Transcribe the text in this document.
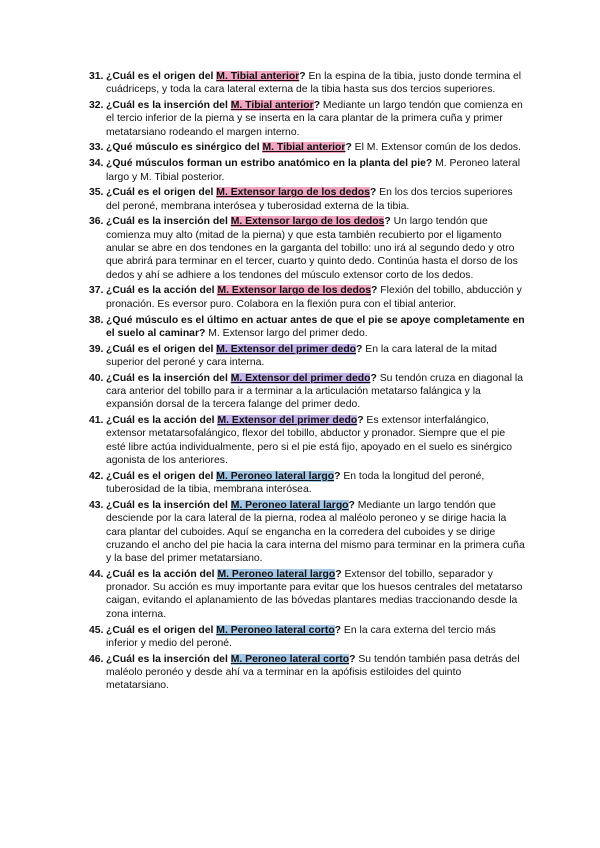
31. ¿Cuál es el origen del M. Tibial anterior? En la espina de la tibia, justo donde termina el cuádriceps, y toda la cara lateral externa de la tibia hasta sus dos tercios superiores.
32. ¿Cuál es la inserción del M. Tibial anterior? Mediante un largo tendón que comienza en el tercio inferior de la pierna y se inserta en la cara plantar de la primera cuña y primer metatarsiano rodeando el margen interno.
33. ¿Qué músculo es sinérgico del M. Tibial anterior? El M. Extensor común de los dedos.
34. ¿Qué músculos forman un estribo anatómico en la planta del pie? M. Peroneo lateral largo y M. Tibial posterior.
35. ¿Cuál es el origen del M. Extensor largo de los dedos? En los dos tercios superiores del peroné, membrana interósea y tuberosidad externa de la tibia.
36. ¿Cuál es la inserción del M. Extensor largo de los dedos? Un largo tendón que comienza muy alto (mitad de la pierna) y que esta también recubierto por el ligamento anular se abre en dos tendones en la garganta del tobillo: uno irá al segundo dedo y otro que abrirá para terminar en el tercer, cuarto y quinto dedo. Continúa hasta el dorso de los dedos y ahí se adhiere a los tendones del músculo extensor corto de los dedos.
37. ¿Cuál es la acción del M. Extensor largo de los dedos? Flexión del tobillo, abducción y pronación. Es eversor puro. Colabora en la flexión pura con el tibial anterior.
38. ¿Qué músculo es el último en actuar antes de que el pie se apoye completamente en el suelo al caminar? M. Extensor largo del primer dedo.
39. ¿Cuál es el origen del M. Extensor del primer dedo? En la cara lateral de la mitad superior del peroné y cara interna.
40. ¿Cuál es la inserción del M. Extensor del primer dedo? Su tendón cruza en diagonal la cara anterior del tobillo para ir a terminar a la articulación metatarso falángica y la expansión dorsal de la tercera falange del primer dedo.
41. ¿Cuál es la acción del M. Extensor del primer dedo? Es extensor interfalángico, extensor metatarsofalángico, flexor del tobillo, abductor y pronador. Siempre que el pie esté libre actúa individualmente, pero si el pie está fijo, apoyado en el suelo es sinérgico agonista de los anteriores.
42. ¿Cuál es el origen del M. Peroneo lateral largo? En toda la longitud del peroné, tuberosidad de la tibia, membrana interósea.
43. ¿Cuál es la inserción del M. Peroneo lateral largo? Mediante un largo tendón que desciende por la cara lateral de la pierna, rodea al maléolo peroneo y se dirige hacia la cara plantar del cuboides. Aquí se engancha en la corredera del cuboides y se dirige cruzando el ancho del pie hacia la cara interna del mismo para terminar en la primera cuña y la base del primer metatarsiano.
44. ¿Cuál es la acción del M. Peroneo lateral largo? Extensor del tobillo, separador y pronador. Su acción es muy importante para evitar que los huesos centrales del metatarso caigan, evitando el aplanamiento de las bóvedas plantares medias traccionando desde la zona interna.
45. ¿Cuál es el origen del M. Peroneo lateral corto? En la cara externa del tercio más inferior y medio del peroné.
46. ¿Cuál es la inserción del M. Peroneo lateral corto? Su tendón también pasa detrás del maléolo peronéo y desde ahí va a terminar en la apófisis estiloides del quinto metatarsiano.
